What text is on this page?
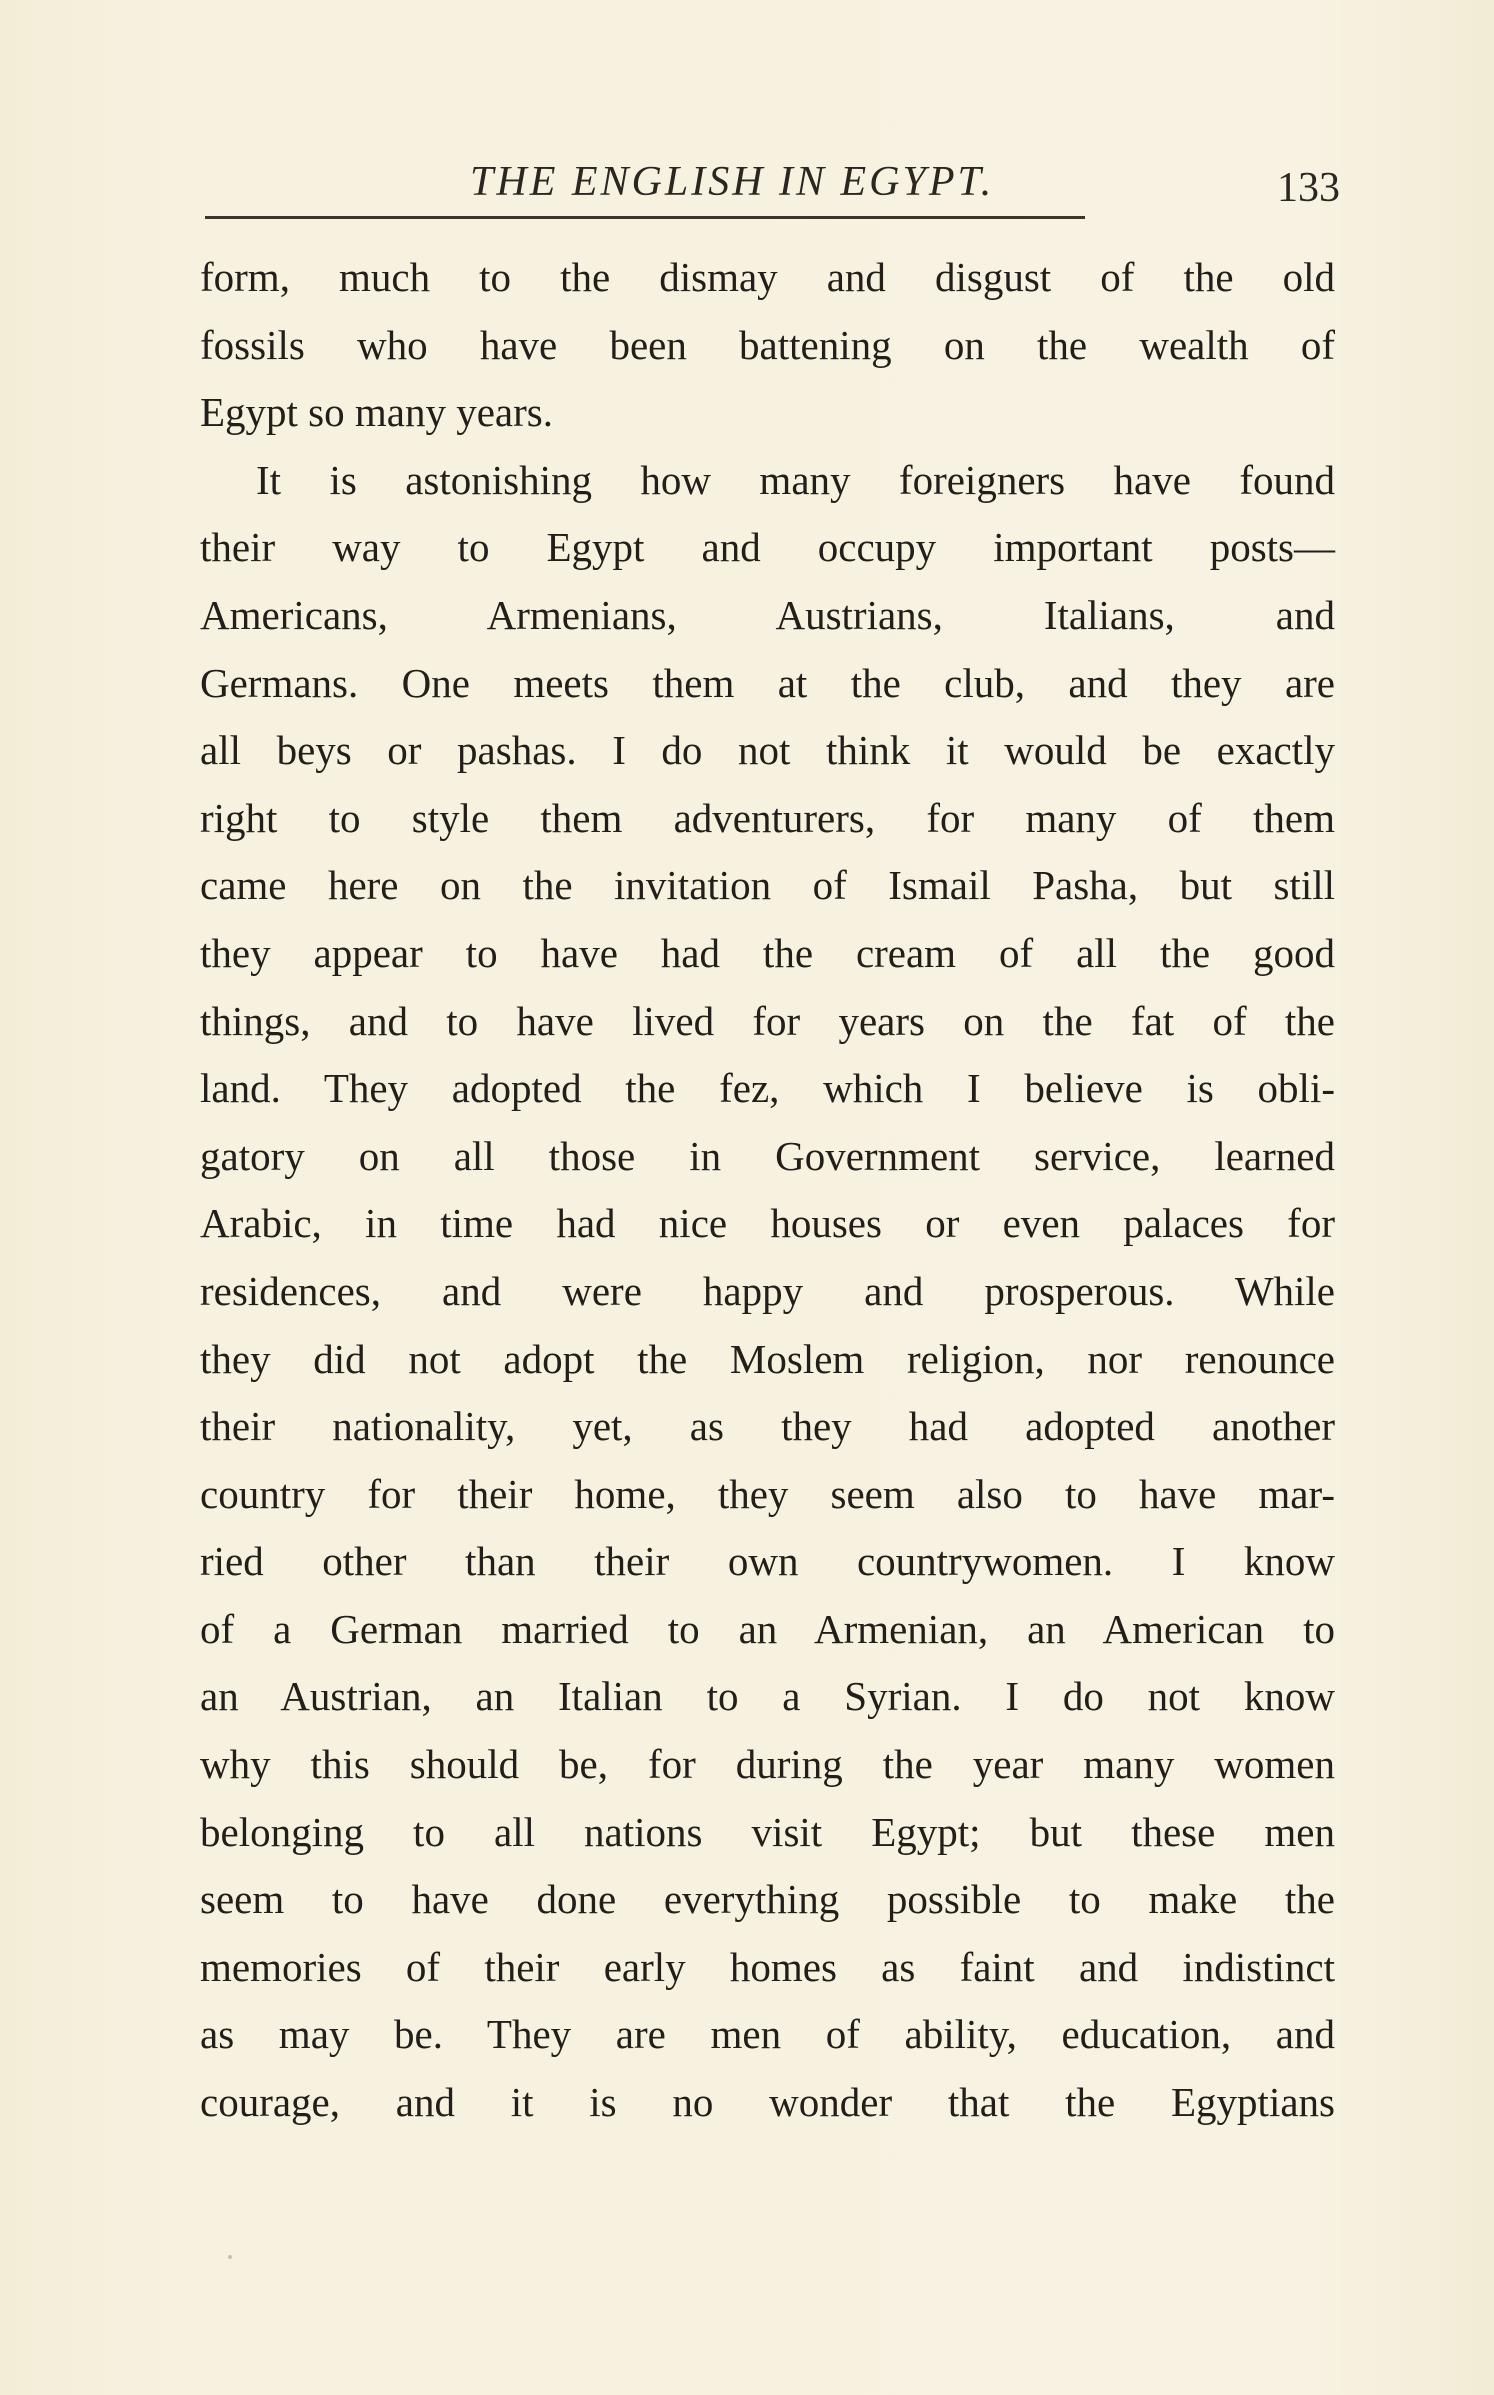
THE ENGLISH IN EGYPT.	133
form, much to the dismay and disgust of the old
fossils who have been battening on the wealth of
Egypt so many years.
It is astonishing how many foreigners have found
their way to Egypt and occupy important posts—
Americans, Armenians, Austrians, Italians, and
Germans. One meets them at the club, and they are
all beys or pashas. I do not think it would be exactly
right to style them adventurers, for many of them
came here on the invitation of Ismail Pasha, but still
they appear to have had the cream of all the good
things, and to have lived for years on the fat of the
land. They adopted the fez, which I believe is obli-
gatory on all those in Government service, learned
Arabic, in time had nice houses or even palaces for
residences, and were happy and prosperous. While
they did not adopt the Moslem religion, nor renounce
their nationality, yet, as they had adopted another
country for their home, they seem also to have mar-
ried other than their own countrywomen. I know
of a German married to an Armenian, an American to
an Austrian, an Italian to a Syrian. I do not know
why this should be, for during the year many women
belonging to all nations visit Egypt; but these men
seem to have done everything possible to make the
memories of their early homes as faint and indistinct
as may be. They are men of ability, education, and
courage, and it is no wonder that the Egyptians
